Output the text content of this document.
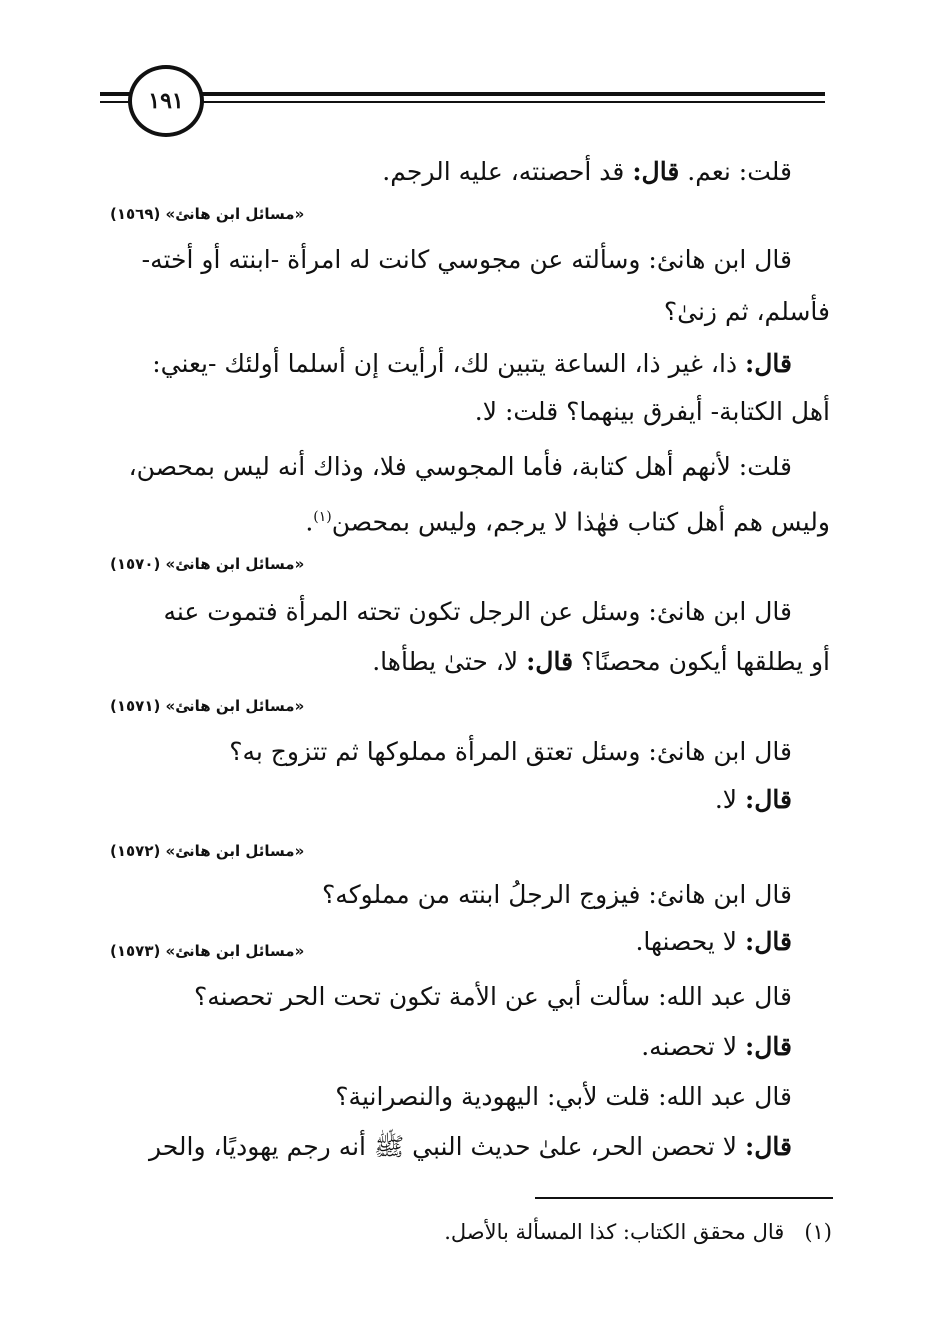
١٩١
قلت: نعم. قال: قد أحصنته، عليه الرجم.
«مسائل ابن هانئ» (١٥٦٩)
قال ابن هانئ: وسألته عن مجوسي كانت له امرأة -ابنته أو أخته-
فأسلم، ثم زنىٰ؟
قال: ذا، غير ذا، الساعة يتبين لك، أرأيت إن أسلما أولئك -يعني:
أهل الكتابة- أيفرق بينهما؟ قلت: لا.
قلت: لأنهم أهل كتابة، فأما المجوسي فلا، وذاك أنه ليس بمحصن،
وليس هم أهل كتاب فهٰذا لا يرجم، وليس بمحصن$^{(١)}$.
«مسائل ابن هانئ» (١٥٧٠)
قال ابن هانئ: وسئل عن الرجل تكون تحته المرأة فتموت عنه
أو يطلقها أيكون محصنًا؟ قال: لا، حتىٰ يطأها.
«مسائل ابن هانئ» (١٥٧١)
قال ابن هانئ: وسئل تعتق المرأة مملوكها ثم تتزوج به؟
قال: لا.
«مسائل ابن هانئ» (١٥٧٢)
قال ابن هانئ: فيزوج الرجلُ ابنته من مملوكه؟
قال: لا يحصنها.
«مسائل ابن هانئ» (١٥٧٣)
قال عبد الله: سألت أبي عن الأمة تكون تحت الحر تحصنه؟
قال: لا تحصنه.
قال عبد الله: قلت لأبي: اليهودية والنصرانية؟
قال: لا تحصن الحر، علىٰ حديث النبي ﷺ أنه رجم يهوديًا، والحر
(١)   قال محقق الكتاب: كذا المسألة بالأصل.
